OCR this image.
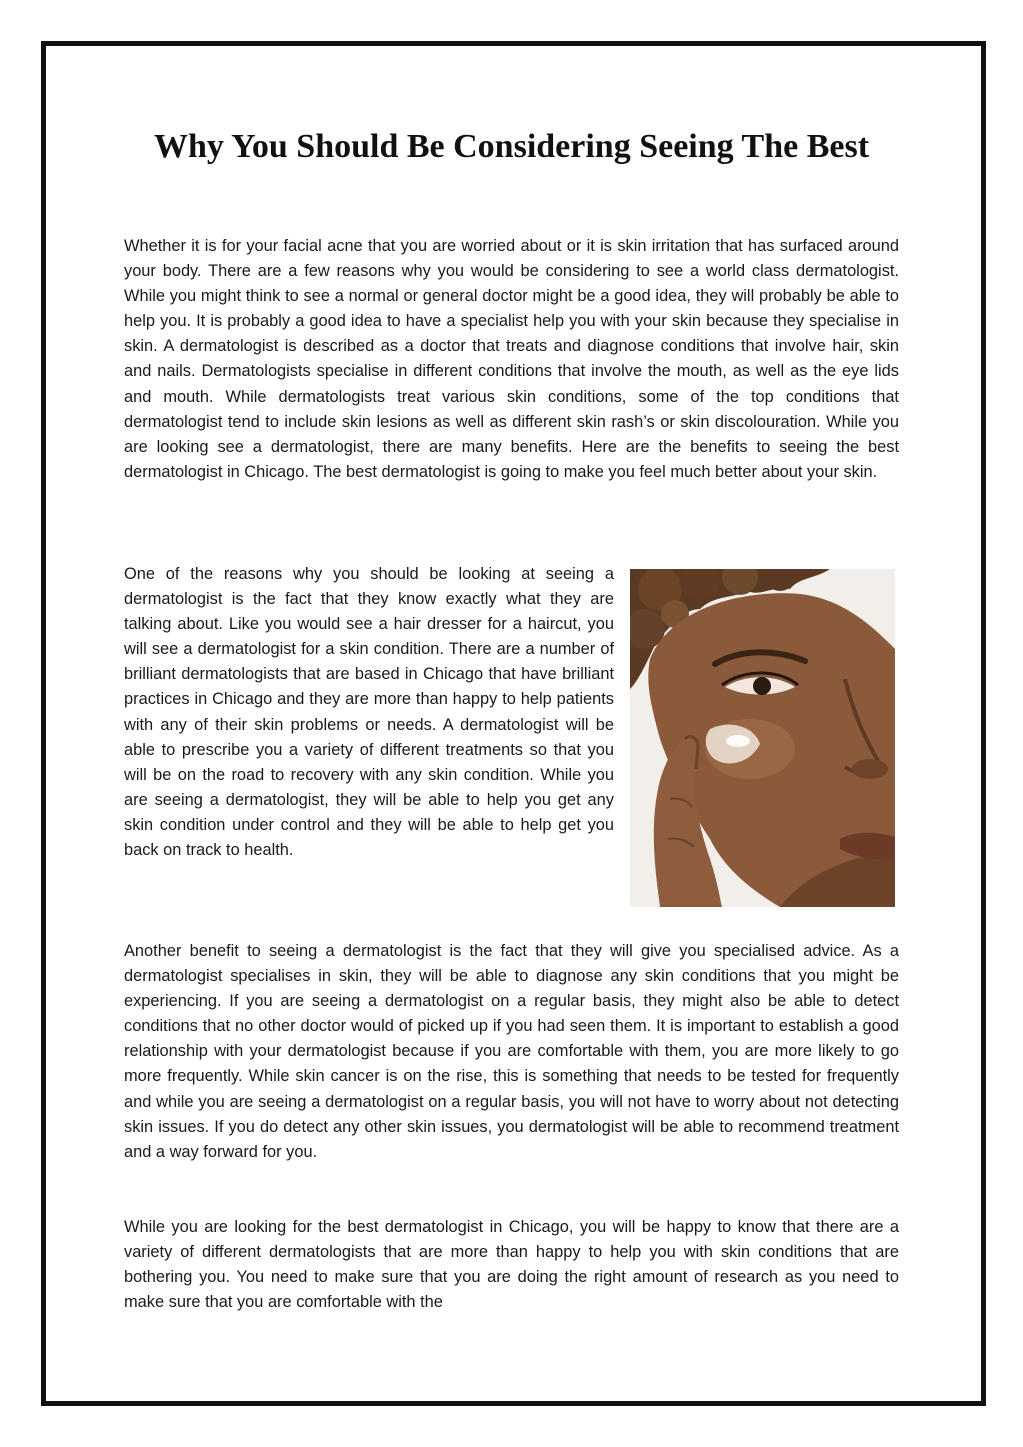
Why You Should Be Considering Seeing The Best

Whether it is for your facial acne that you are worried about or it is skin irritation that has surfaced around your body. There are a few reasons why you would be considering to see a world class dermatologist. While you might think to see a normal or general doctor might be a good idea, they will probably be able to help you. It is probably a good idea to have a specialist help you with your skin because they specialise in skin. A dermatologist is described as a doctor that treats and diagnose conditions that involve hair, skin and nails. Dermatologists specialise in different conditions that involve the mouth, as well as the eye lids and mouth. While dermatologists treat various skin conditions, some of the top conditions that dermatologist tend to include skin lesions as well as different skin rash’s or skin discolouration. While you are looking see a dermatologist, there are many benefits. Here are the benefits to seeing the best dermatologist in Chicago. The best dermatologist is going to make you feel much better about your skin.

One of the reasons why you should be looking at seeing a dermatologist is the fact that they know exactly what they are talking about. Like you would see a hair dresser for a haircut, you will see a dermatologist for a skin condition. There are a number of brilliant dermatologists that are based in Chicago that have brilliant practices in Chicago and they are more than happy to help patients with any of their skin problems or needs. A dermatologist will be able to prescribe you a variety of different treatments so that you will be on the road to recovery with any skin condition. While you are seeing a dermatologist, they will be able to help you get any skin condition under control and they will be able to help get you back on track to health.

Another benefit to seeing a dermatologist is the fact that they will give you specialised advice. As a dermatologist specialises in skin, they will be able to diagnose any skin conditions that you might be experiencing. If you are seeing a dermatologist on a regular basis, they might also be able to detect conditions that no other doctor would of picked up if you had seen them. It is important to establish a good relationship with your dermatologist because if you are comfortable with them, you are more likely to go more frequently. While skin cancer is on the rise, this is something that needs to be tested for frequently and while you are seeing a dermatologist on a regular basis, you will not have to worry about not detecting skin issues. If you do detect any other skin issues, you dermatologist will be able to recommend treatment and a way forward for you.

While you are looking for the best dermatologist in Chicago, you will be happy to know that there are a variety of different dermatologists that are more than happy to help you with skin conditions that are bothering you. You need to make sure that you are doing the right amount of research as you need to make sure that you are comfortable with the
